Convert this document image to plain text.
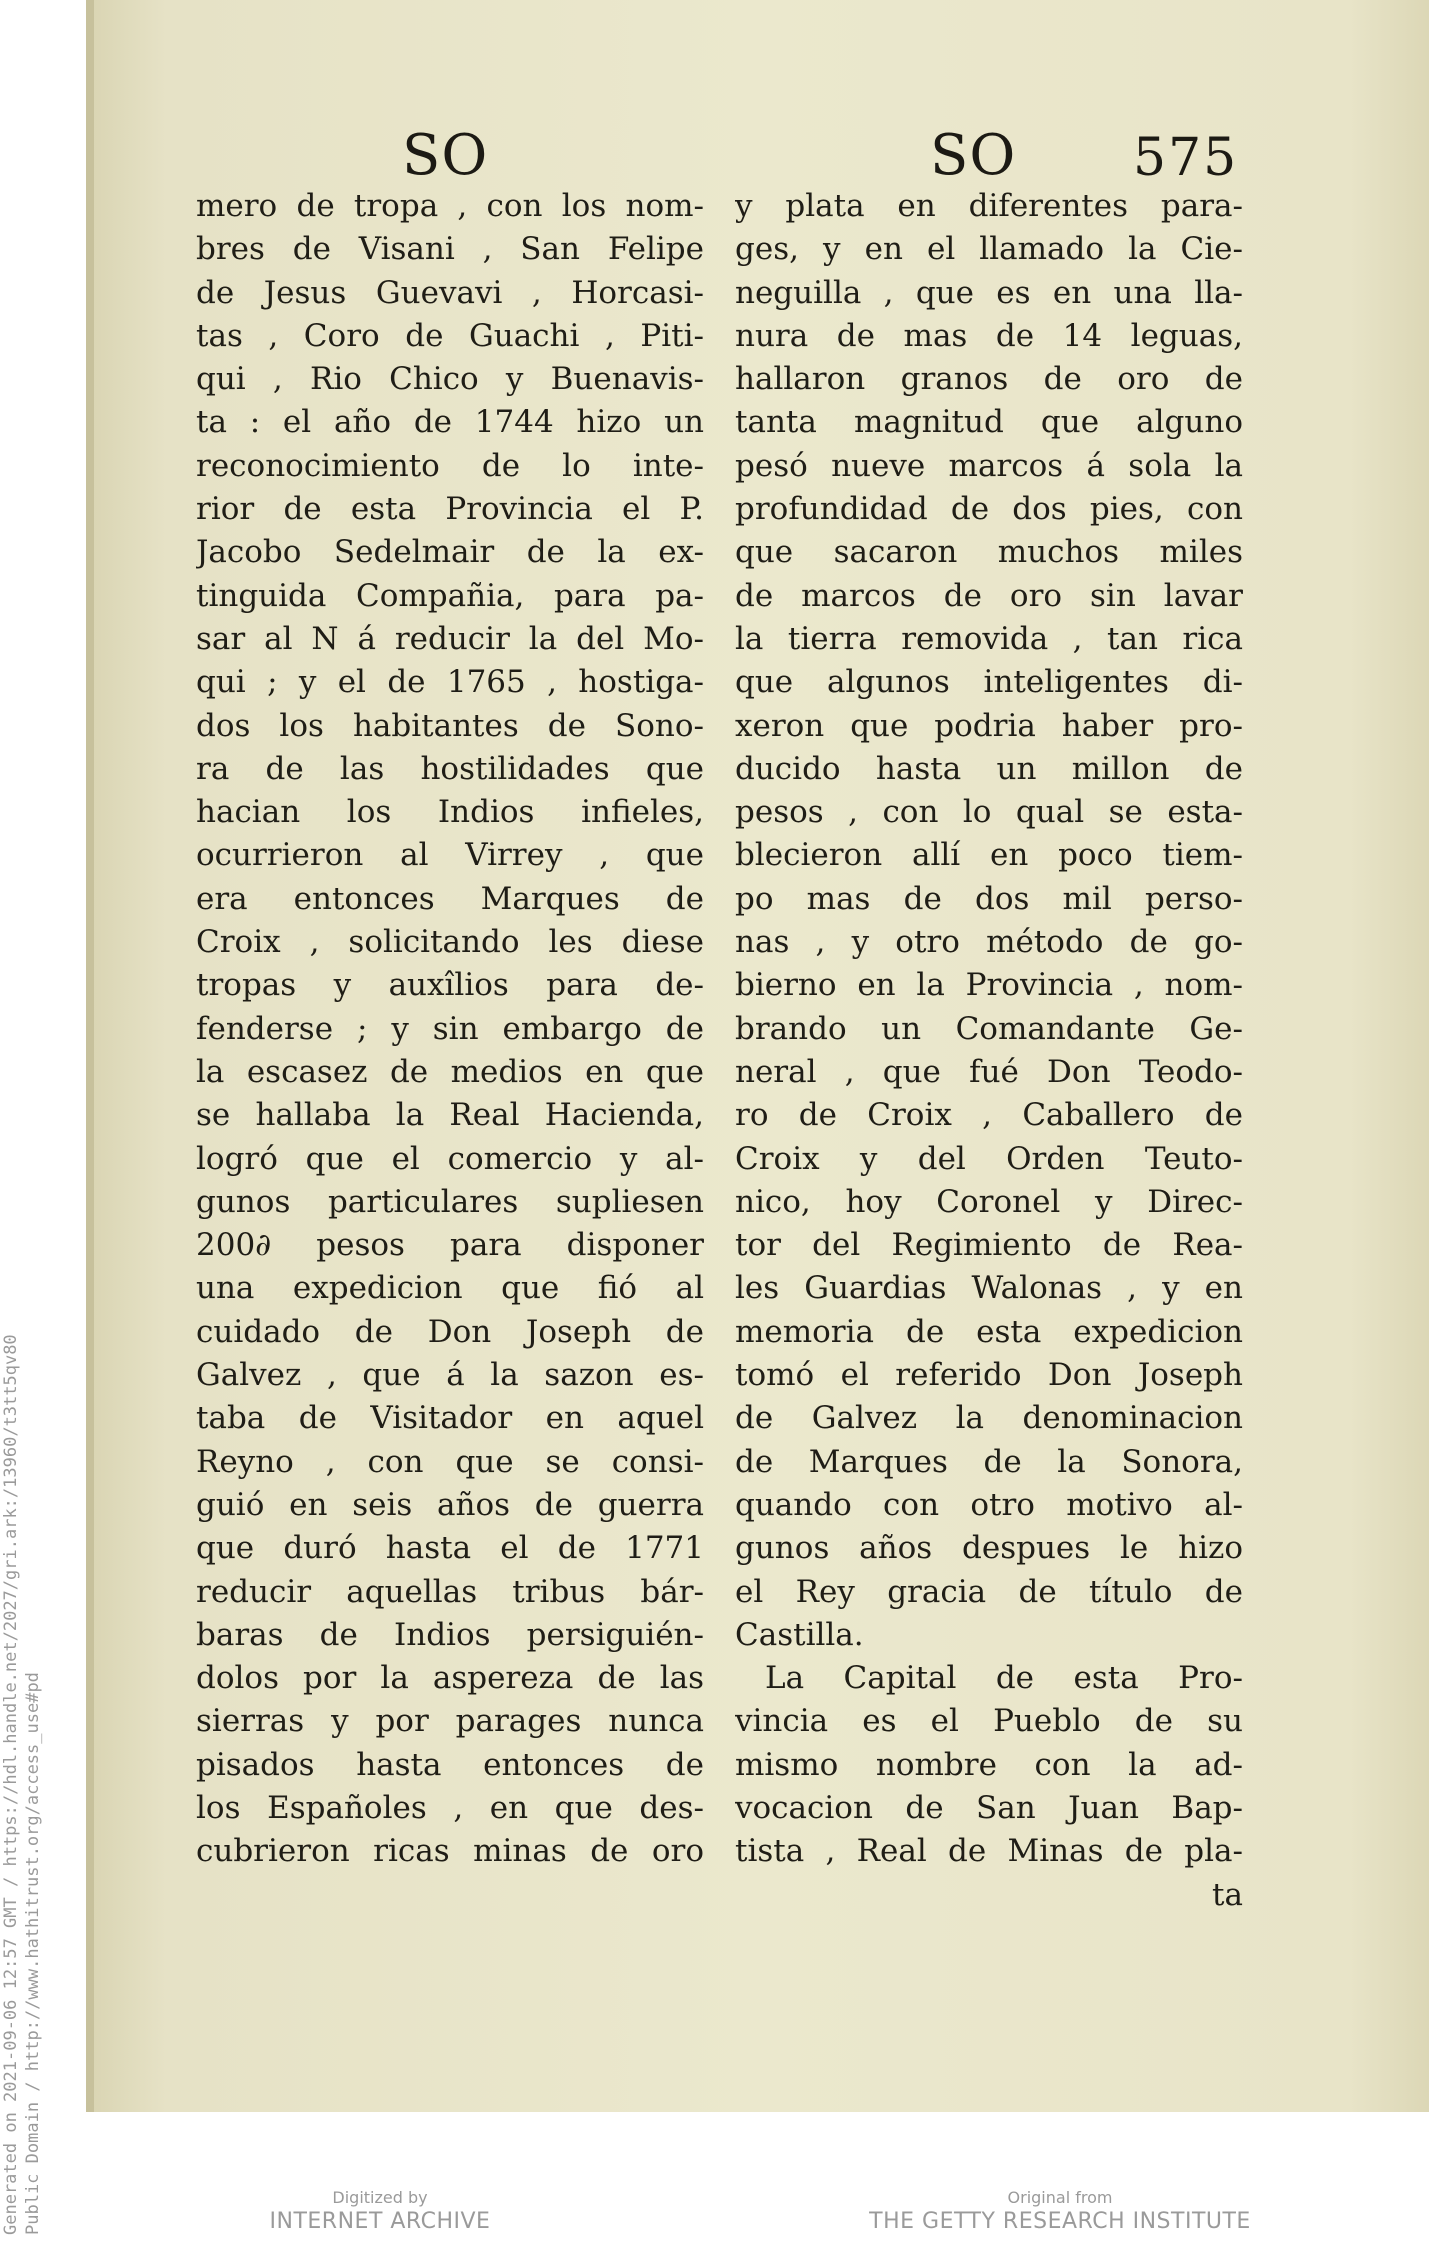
SO	SO 575
mero de tropa , con los nom-
bres de Visani , San Felipe
de Jesus Guevavi , Horcasi-
tas , Coro de Guachi , Piti-
qui , Rio Chico y Buenavis-
ta : el año de 1744 hizo un
reconocimiento de lo inte-
rior de esta Provincia el P.
Jacobo Sedelmair de la ex-
tinguida Compañia, para pa-
sar al N á reducir la del Mo-
qui ; y el de 1765 , hostiga-
dos los habitantes de Sono-
ra de las hostilidades que
hacian los Indios infieles,
ocurrieron al Virrey , que
era entonces Marques de
Croix , solicitando les diese
tropas y auxîlios para de-
fenderse ; y sin embargo de
la escasez de medios en que
se hallaba la Real Hacienda,
logró que el comercio y al-
gunos particulares supliesen
200∂ pesos para disponer
una expedicion que fió al
cuidado de Don Joseph de
Galvez , que á la sazon es-
taba de Visitador en aquel
Reyno , con que se consi-
guió en seis años de guerra
que duró hasta el de 1771
reducir aquellas tribus bár-
baras de Indios persiguién-
dolos por la aspereza de las
sierras y por parages nunca
pisados hasta entonces de
los Españoles , en que des-
cubrieron ricas minas de oro
y plata en diferentes para-
ges, y en el llamado la Cie-
neguilla , que es en una lla-
nura de mas de 14 leguas,
hallaron granos de oro de
tanta magnitud que alguno
pesó nueve marcos á sola la
profundidad de dos pies, con
que sacaron muchos miles
de marcos de oro sin lavar
la tierra removida , tan rica
que algunos inteligentes di-
xeron que podria haber pro-
ducido hasta un millon de
pesos , con lo qual se esta-
blecieron allí en poco tiem-
po mas de dos mil perso-
nas , y otro método de go-
bierno en la Provincia , nom-
brando un Comandante Ge-
neral , que fué Don Teodo-
ro de Croix , Caballero de
Croix y del Orden Teuto-
nico, hoy Coronel y Direc-
tor del Regimiento de Rea-
les Guardias Walonas , y en
memoria de esta expedicion
tomó el referido Don Joseph
de Galvez la denominacion
de Marques de la Sonora,
quando con otro motivo al-
gunos años despues le hizo
el Rey gracia de título de
Castilla.
La Capital de esta Pro-
vincia es el Pueblo de su
mismo nombre con la ad-
vocacion de San Juan Bap-
tista , Real de Minas de pla-
ta
Generated on 2021-09-06 12:57 GMT / https://hdl.handle.net/2027/gri.ark:/13960/t3tt5qv80 Public Domain / http://www.hathitrust.org/access_use#pd	Digitized by
INTERNET ARCHIVE
Original from
THE GETTY RESEARCH INSTITUTE
